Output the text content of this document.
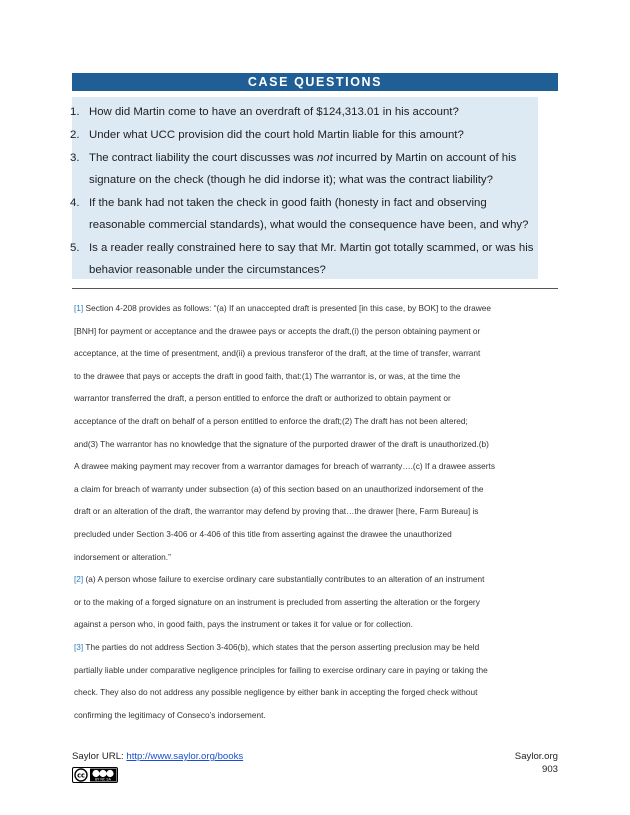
CASE QUESTIONS
1. How did Martin come to have an overdraft of $124,313.01 in his account?
2. Under what UCC provision did the court hold Martin liable for this amount?
3. The contract liability the court discusses was not incurred by Martin on account of his
signature on the check (though he did indorse it); what was the contract liability?
4. If the bank had not taken the check in good faith (honesty in fact and observing
reasonable commercial standards), what would the consequence have been, and why?
5. Is a reader really constrained here to say that Mr. Martin got totally scammed, or was his
behavior reasonable under the circumstances?
[1] Section 4-208 provides as follows: “(a) If an unaccepted draft is presented [in this case, by BOK] to the drawee
[BNH] for payment or acceptance and the drawee pays or accepts the draft,(i) the person obtaining payment or
acceptance, at the time of presentment, and(ii) a previous transferor of the draft, at the time of transfer, warrant
to the drawee that pays or accepts the draft in good faith, that:(1) The warrantor is, or was, at the time the
warrantor transferred the draft, a person entitled to enforce the draft or authorized to obtain payment or
acceptance of the draft on behalf of a person entitled to enforce the draft;(2) The draft has not been altered;
and(3) The warrantor has no knowledge that the signature of the purported drawer of the draft is unauthorized.(b)
A drawee making payment may recover from a warrantor damages for breach of warranty….(c) If a drawee asserts
a claim for breach of warranty under subsection (a) of this section based on an unauthorized indorsement of the
draft or an alteration of the draft, the warrantor may defend by proving that…the drawer [here, Farm Bureau] is
precluded under Section 3-406 or 4-406 of this title from asserting against the drawee the unauthorized
indorsement or alteration.”
[2] (a) A person whose failure to exercise ordinary care substantially contributes to an alteration of an instrument
or to the making of a forged signature on an instrument is precluded from asserting the alteration or the forgery
against a person who, in good faith, pays the instrument or takes it for value or for collection.
[3] The parties do not address Section 3-406(b), which states that the person asserting preclusion may be held
partially liable under comparative negligence principles for failing to exercise ordinary care in paying or taking the
check. They also do not address any possible negligence by either bank in accepting the forged check without
confirming the legitimacy of Conseco’s indorsement.
Saylor URL: http://www.saylor.org/books
cc	BY NC SA
Saylor.org
903
